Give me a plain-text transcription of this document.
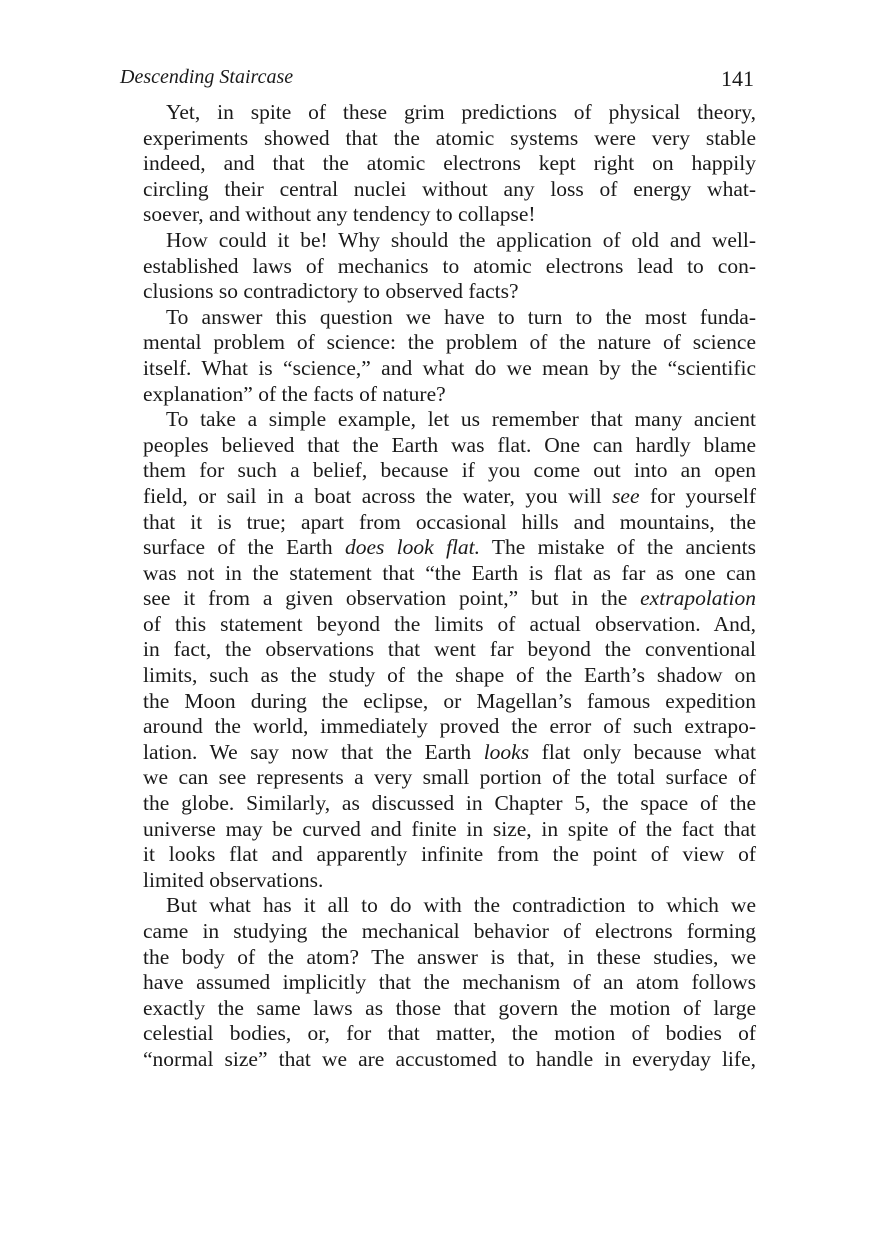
Descending Staircase	141

Yet, in spite of these grim predictions of physical theory,
experiments showed that the atomic systems were very stable
indeed, and that the atomic electrons kept right on happily
circling their central nuclei without any loss of energy what-
soever, and without any tendency to collapse!

How could it be! Why should the application of old and well-
established laws of mechanics to atomic electrons lead to con-
clusions so contradictory to observed facts?

To answer this question we have to turn to the most funda-
mental problem of science: the problem of the nature of science
itself. What is “science,” and what do we mean by the “scientific
explanation” of the facts of nature?

To take a simple example, let us remember that many ancient
peoples believed that the Earth was flat. One can hardly blame
them for such a belief, because if you come out into an open
field, or sail in a boat across the water, you will see for yourself
that it is true; apart from occasional hills and mountains, the
surface of the Earth does look flat. The mistake of the ancients
was not in the statement that “the Earth is flat as far as one can
see it from a given observation point,” but in the extrapolation
of this statement beyond the limits of actual observation. And,
in fact, the observations that went far beyond the conventional
limits, such as the study of the shape of the Earth’s shadow on
the Moon during the eclipse, or Magellan’s famous expedition
around the world, immediately proved the error of such extrapo-
lation. We say now that the Earth looks flat only because what
we can see represents a very small portion of the total surface of
the globe. Similarly, as discussed in Chapter 5, the space of the
universe may be curved and finite in size, in spite of the fact that
it looks flat and apparently infinite from the point of view of
limited observations.

But what has it all to do with the contradiction to which we
came in studying the mechanical behavior of electrons forming
the body of the atom? The answer is that, in these studies, we
have assumed implicitly that the mechanism of an atom follows
exactly the same laws as those that govern the motion of large
celestial bodies, or, for that matter, the motion of bodies of
“normal size” that we are accustomed to handle in everyday life,
